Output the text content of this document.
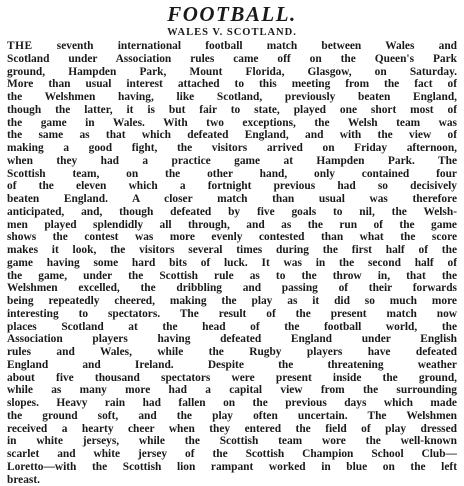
FOOTBALL.
WALES V. SCOTLAND.
THE seventh international football match between Wales and
Scotland under Association rules came off on the Queen's Park
ground, Hampden Park, Mount Florida, Glasgow, on Saturday.
More than usual interest attached to this meeting from the fact of
the Welshmen having, like Scotland, previously beaten England,
though the latter, it is but fair to state, played one short most of
the game in Wales. With two exceptions, the Welsh team was
the same as that which defeated England, and with the view of
making a good fight, the visitors arrived on Friday afternoon,
when they had a practice game at Hampden Park. The
Scottish team, on the other hand, only contained four
of the eleven which a fortnight previous had so decisively
beaten England. A closer match than usual was therefore
anticipated, and, though defeated by five goals to nil, the Welsh-
men played splendidly all through, and as the run of the game
shows the contest was more evenly contested than what the score
makes it look, the visitors several times during the first half of the
game having some hard bits of luck. It was in the second half of
the game, under the Scottish rule as to the throw in, that the
Welshmen excelled, the dribbling and passing of their forwards
being repeatedly cheered, making the play as it did so much more
interesting to spectators. The result of the present match now
places Scotland at the head of the football world, the
Association players having defeated England under English
rules and Wales, while the Rugby players have defeated
England and Ireland. Despite the threatening weather
about five thousand spectators were present inside the ground,
while as many more had a capital view from the surrounding
slopes. Heavy rain had fallen on the previous days which made
the ground soft, and the play often uncertain. The Welshmen
received a hearty cheer when they entered the field of play dressed
in white jerseys, while the Scottish team wore the well-known
scarlet and white jersey of the Scottish Champion School Club—
Loretto—with the Scottish lion rampant worked in blue on the left
breast.
